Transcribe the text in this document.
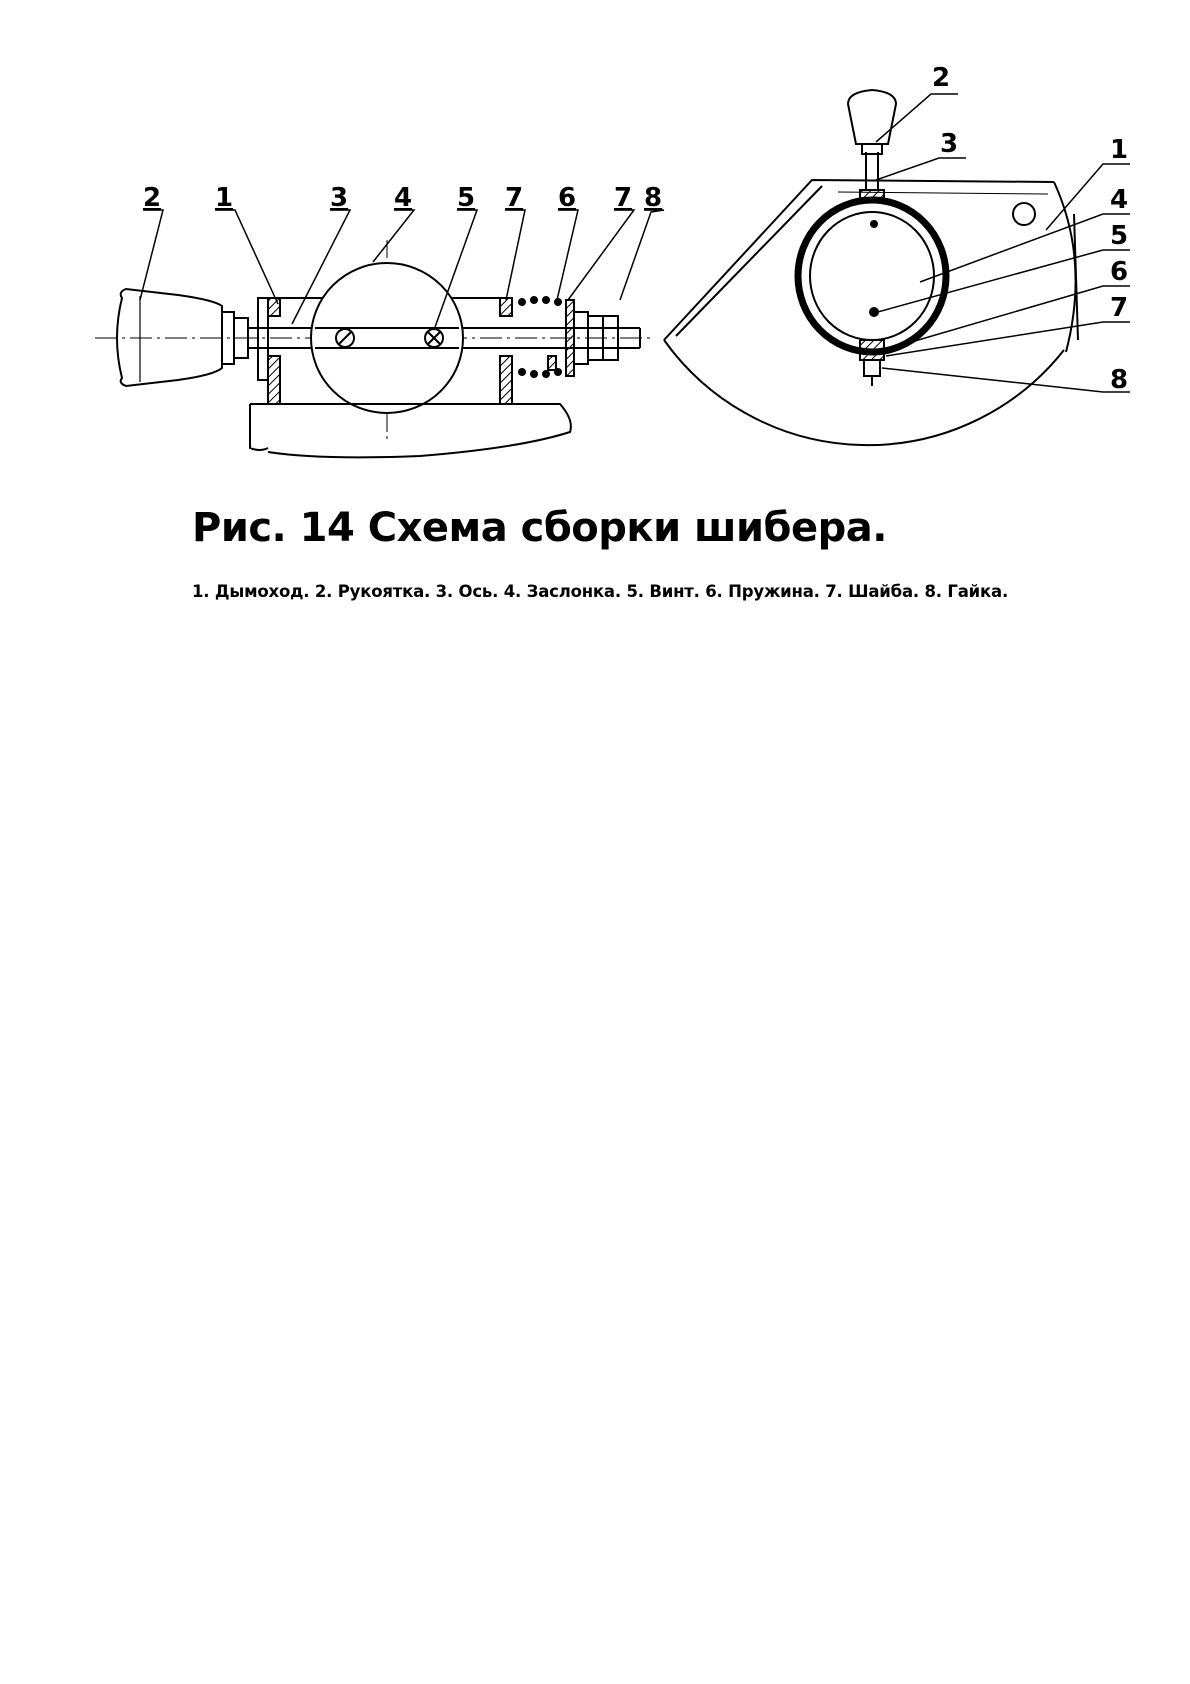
2 1	3 4 5 7 6 7 8
2
3	1
4
5
6
7
8
Рис. 14 Схема сборки шибера.
1. Дымоход. 2. Рукоятка. 3. Ось. 4. Заслонка. 5. Винт. 6. Пружина. 7. Шайба. 8. Гайка.
